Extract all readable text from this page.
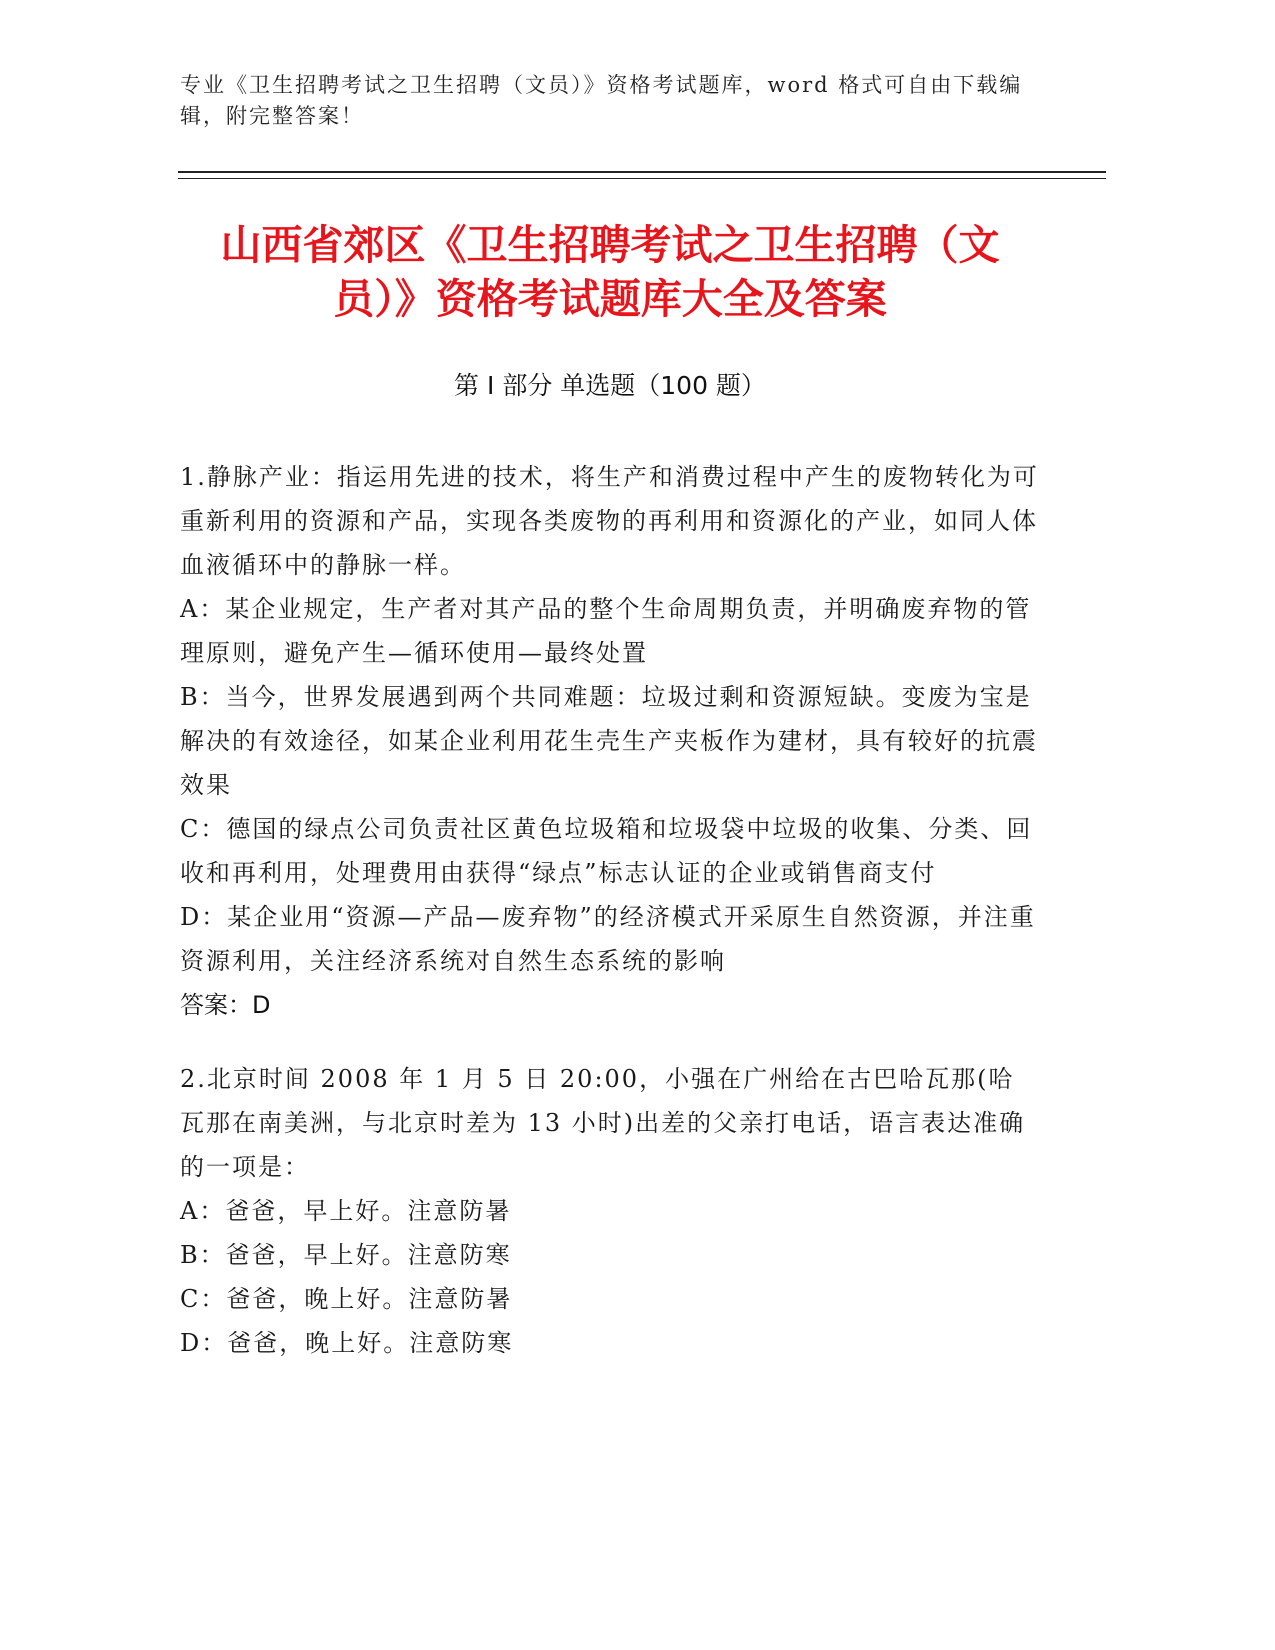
专业《卫生招聘考试之卫生招聘（文员）》资格考试题库，word 格式可自由下载编辑，附完整答案！
山西省郊区《卫生招聘考试之卫生招聘（文员）》资格考试题库大全及答案
第 I 部分 单选题（100 题）

1.静脉产业：指运用先进的技术，将生产和消费过程中产生的废物转化为可重新利用的资源和产品，实现各类废物的再利用和资源化的产业，如同人体血液循环中的静脉一样。

A：某企业规定，生产者对其产品的整个生命周期负责，并明确废弃物的管理原则，避免产生—循环使用—最终处置

B：当今，世界发展遇到两个共同难题：垃圾过剩和资源短缺。变废为宝是解决的有效途径，如某企业利用花生壳生产夹板作为建材，具有较好的抗震效果

C：德国的绿点公司负责社区黄色垃圾箱和垃圾袋中垃圾的收集、分类、回收和再利用，处理费用由获得“绿点”标志认证的企业或销售商支付

D：某企业用“资源—产品—废弃物”的经济模式开采原生自然资源，并注重资源利用，关注经济系统对自然生态系统的影响

答案：D

2.北京时间 2008 年 1 月 5 日 20:00，小强在广州给在古巴哈瓦那(哈瓦那在南美洲，与北京时差为 13 小时)出差的父亲打电话，语言表达准确的一项是：

A：爸爸，早上好。注意防暑

B：爸爸，早上好。注意防寒

C：爸爸，晚上好。注意防暑

D：爸爸，晚上好。注意防寒
